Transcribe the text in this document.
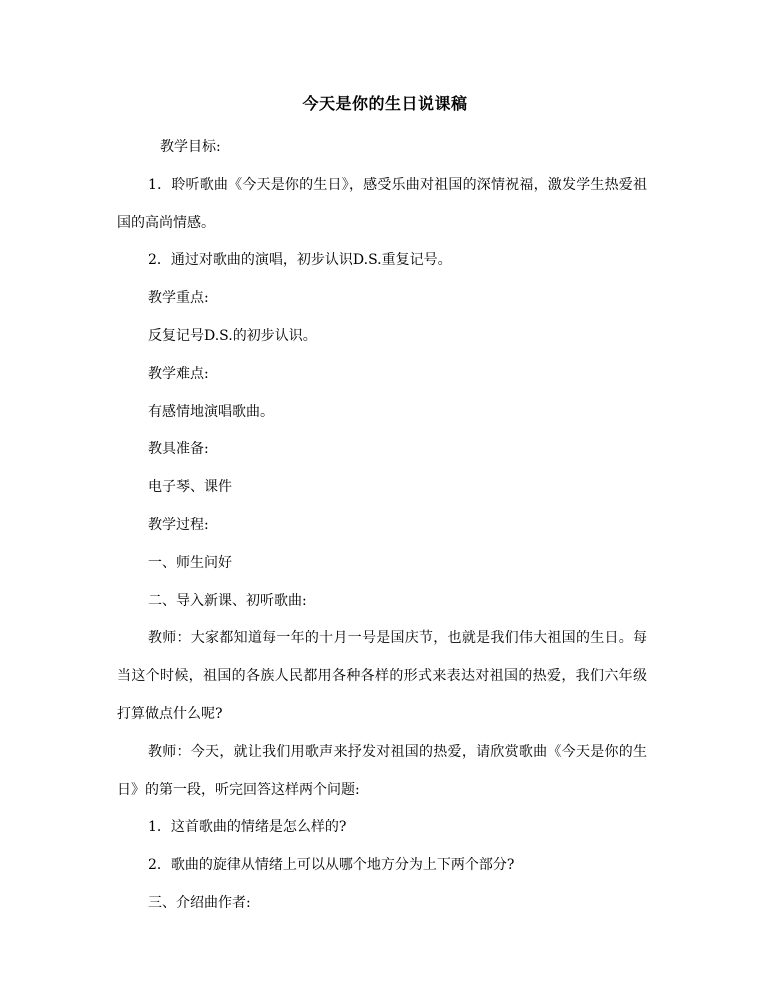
今天是你的生日说课稿

教学目标:

1．聆听歌曲《今天是你的生日》，感受乐曲对祖国的深情祝福，激发学生热爱祖国的高尚情感。

2．通过对歌曲的演唱，初步认识D.S.重复记号。

教学重点:

反复记号D.S.的初步认识。

教学难点:

有感情地演唱歌曲。

教具准备:

电子琴、课件

教学过程:

一、师生问好

二、导入新课、初听歌曲:

教师：大家都知道每一年的十月一号是国庆节，也就是我们伟大祖国的生日。每当这个时候，祖国的各族人民都用各种各样的形式来表达对祖国的热爱，我们六年级打算做点什么呢?

教师：今天，就让我们用歌声来抒发对祖国的热爱，请欣赏歌曲《今天是你的生日》的第一段，听完回答这样两个问题:

1．这首歌曲的情绪是怎么样的?

2．歌曲的旋律从情绪上可以从哪个地方分为上下两个部分?

三、介绍曲作者:
